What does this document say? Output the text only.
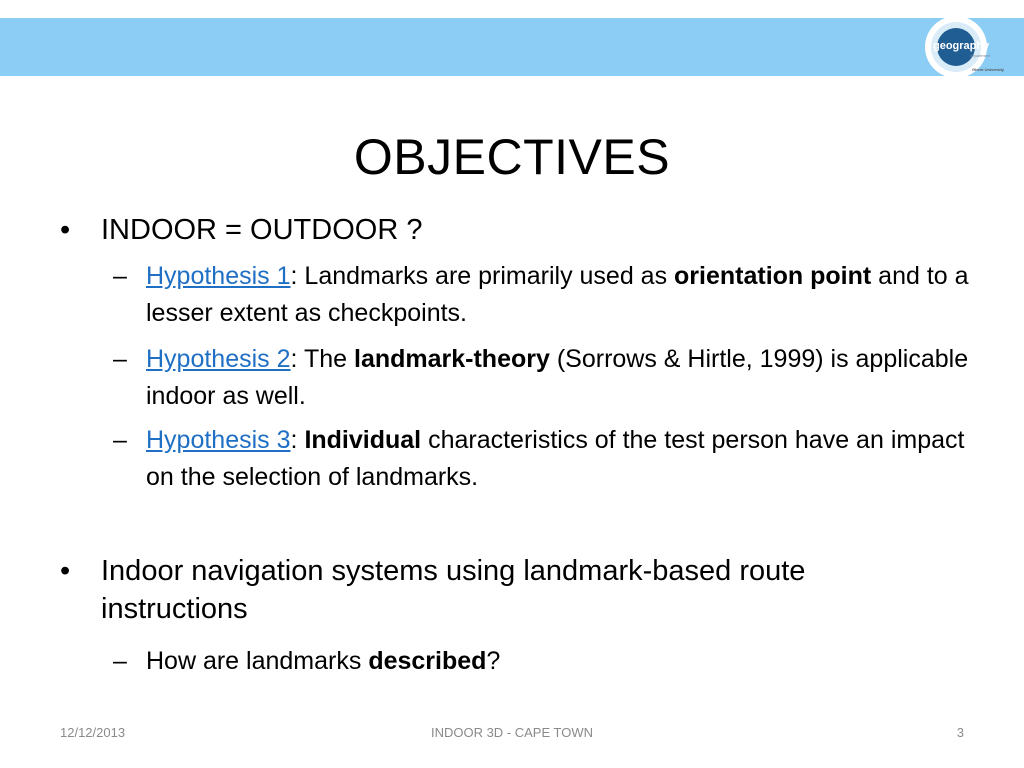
geography
department
Ghent University
OBJECTIVES
• INDOOR = OUTDOOR ?
– Hypothesis 1: Landmarks are primarily used as orientation point and to a lesser extent as checkpoints.
– Hypothesis 2: The landmark-theory (Sorrows & Hirtle, 1999) is applicable indoor as well.
– Hypothesis 3: Individual characteristics of the test person have an impact on the selection of landmarks.
• Indoor navigation systems using landmark-based route instructions
– How are landmarks described?
12/12/2013	INDOOR 3D - CAPE TOWN	3
